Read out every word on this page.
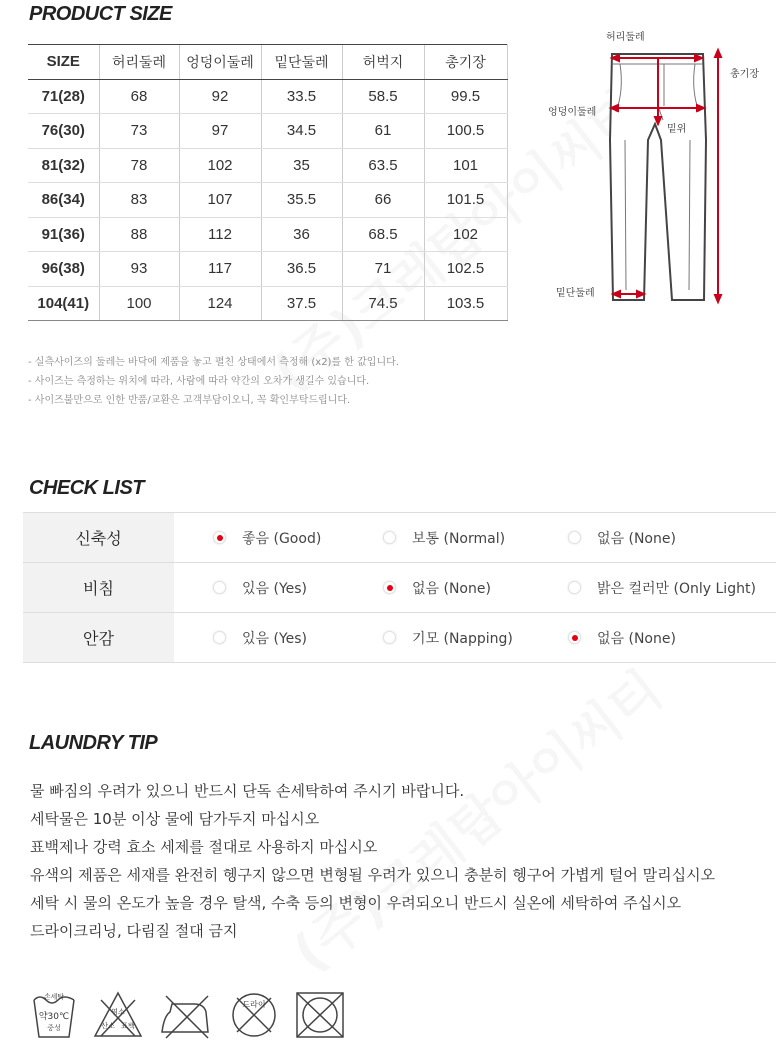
PRODUCT SIZE
SIZE	허리둘레	엉덩이둘레	밑단둘레	허벅지	총기장
71(28)	68	92	33.5	58.5	99.5
76(30)	73	97	34.5	61	100.5
81(32)	78	102	35	63.5	101
86(34)	83	107	35.5	66	101.5
91(36)	88	112	36	68.5	102
96(38)	93	117	36.5	71	102.5
104(41)	100	124	37.5	74.5	103.5
- 실측사이즈의 둘레는 바닥에 제품을 놓고 펼친 상태에서 측정해 (x2)를 한 값입니다.
- 사이즈는 측정하는 위치에 따라, 사람에 따라 약간의 오차가 생길수 있습니다.
- 사이즈불만으로 인한 반품/교환은 고객부담이오니, 꼭 확인부탁드립니다.
허리둘레
총기장
엉덩이둘레
밑위
밑단둘레
CHECK LIST
신축성	좋음 (Good) 보통 (Normal) 없음 (None)

비침	있음 (Yes) 없음 (None) 밝은 컬러만 (Only Light)

안감	있음 (Yes) 기모 (Napping) 없음 (None)
LAUNDRY TIP
물 빠짐의 우려가 있으니 반드시 단독 손세탁하여 주시기 바랍니다.
세탁물은 10분 이상 물에 담가두지 마십시오
표백제나 강력 효소 세제를 절대로 사용하지 마십시오
유색의 제품은 세재를 완전히 헹구지 않으면 변형될 우려가 있으니 충분히 헹구어 가볍게 털어 말리십시오
세탁 시 물의 온도가 높을 경우 탈색, 수축 등의 변형이 우려되오니 반드시 실온에 세탁하여 주십시오
드라이크리닝, 다림질 절대 금지
손세탁
약30℃
중성
염소
산소 표백
드라이
